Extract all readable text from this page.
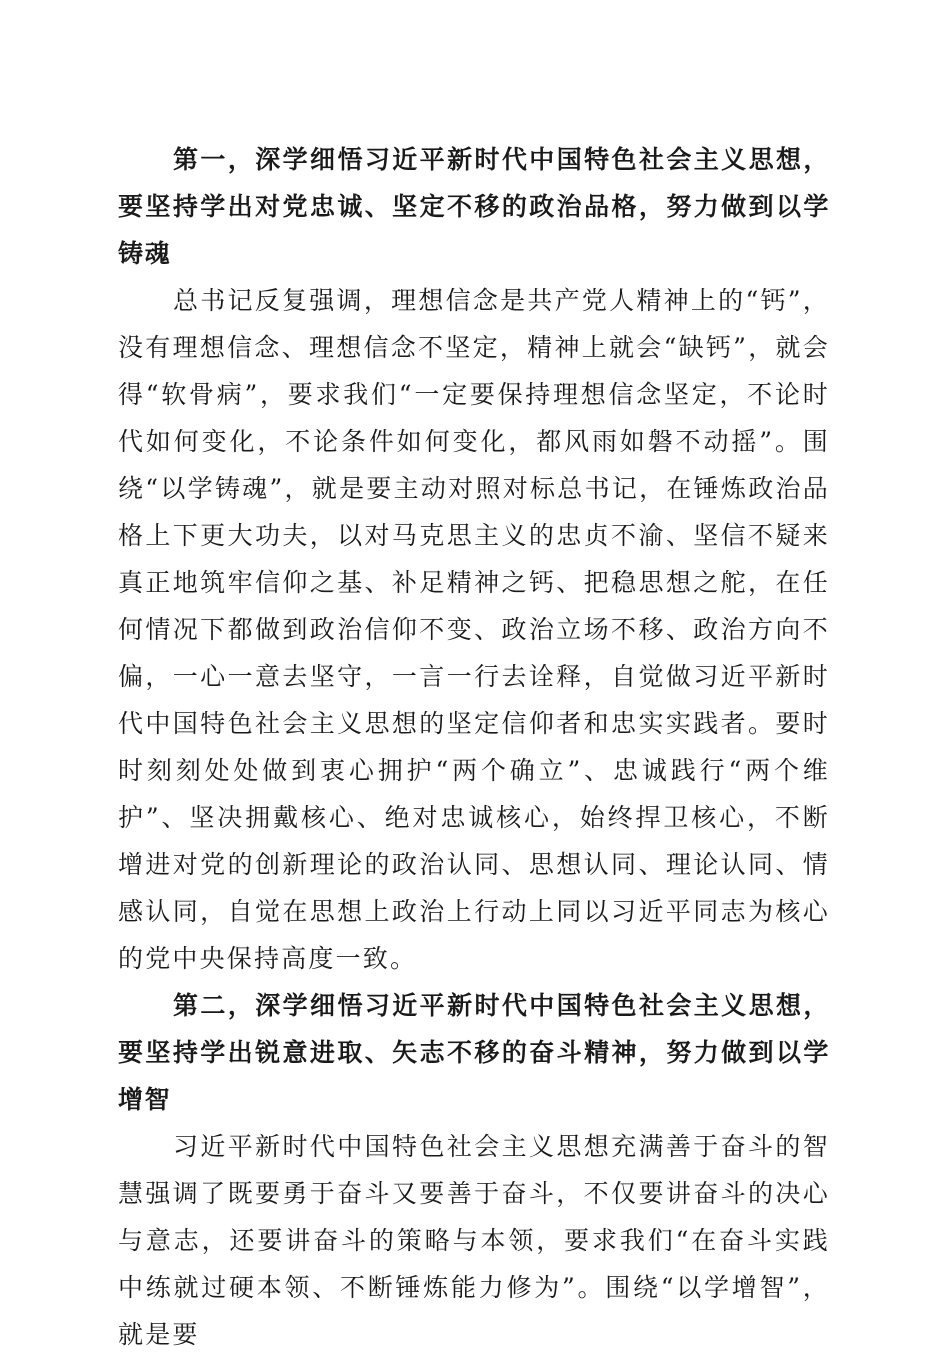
第一，深学细悟习近平新时代中国特色社会主义思想，要坚持学出对党忠诚、坚定不移的政治品格，努力做到以学铸魂

总书记反复强调，理想信念是共产党人精神上的“钙”，没有理想信念、理想信念不坚定，精神上就会“缺钙”，就会得“软骨病”，要求我们“一定要保持理想信念坚定，不论时代如何变化，不论条件如何变化，都风雨如磐不动摇”。围绕“以学铸魂”，就是要主动对照对标总书记，在锤炼政治品格上下更大功夫，以对马克思主义的忠贞不渝、坚信不疑来真正地筑牢信仰之基、补足精神之钙、把稳思想之舵，在任何情况下都做到政治信仰不变、政治立场不移、政治方向不偏，一心一意去坚守，一言一行去诠释，自觉做习近平新时代中国特色社会主义思想的坚定信仰者和忠实实践者。要时时刻刻处处做到衷心拥护“两个确立”、忠诚践行“两个维护”、坚决拥戴核心、绝对忠诚核心，始终捍卫核心，不断增进对党的创新理论的政治认同、思想认同、理论认同、情感认同，自觉在思想上政治上行动上同以习近平同志为核心的党中央保持高度一致。

第二，深学细悟习近平新时代中国特色社会主义思想，要坚持学出锐意进取、矢志不移的奋斗精神，努力做到以学增智

习近平新时代中国特色社会主义思想充满善于奋斗的智慧强调了既要勇于奋斗又要善于奋斗，不仅要讲奋斗的决心与意志，还要讲奋斗的策略与本领，要求我们“在奋斗实践中练就过硬本领、不断锤炼能力修为”。围绕“以学增智”，就是要
